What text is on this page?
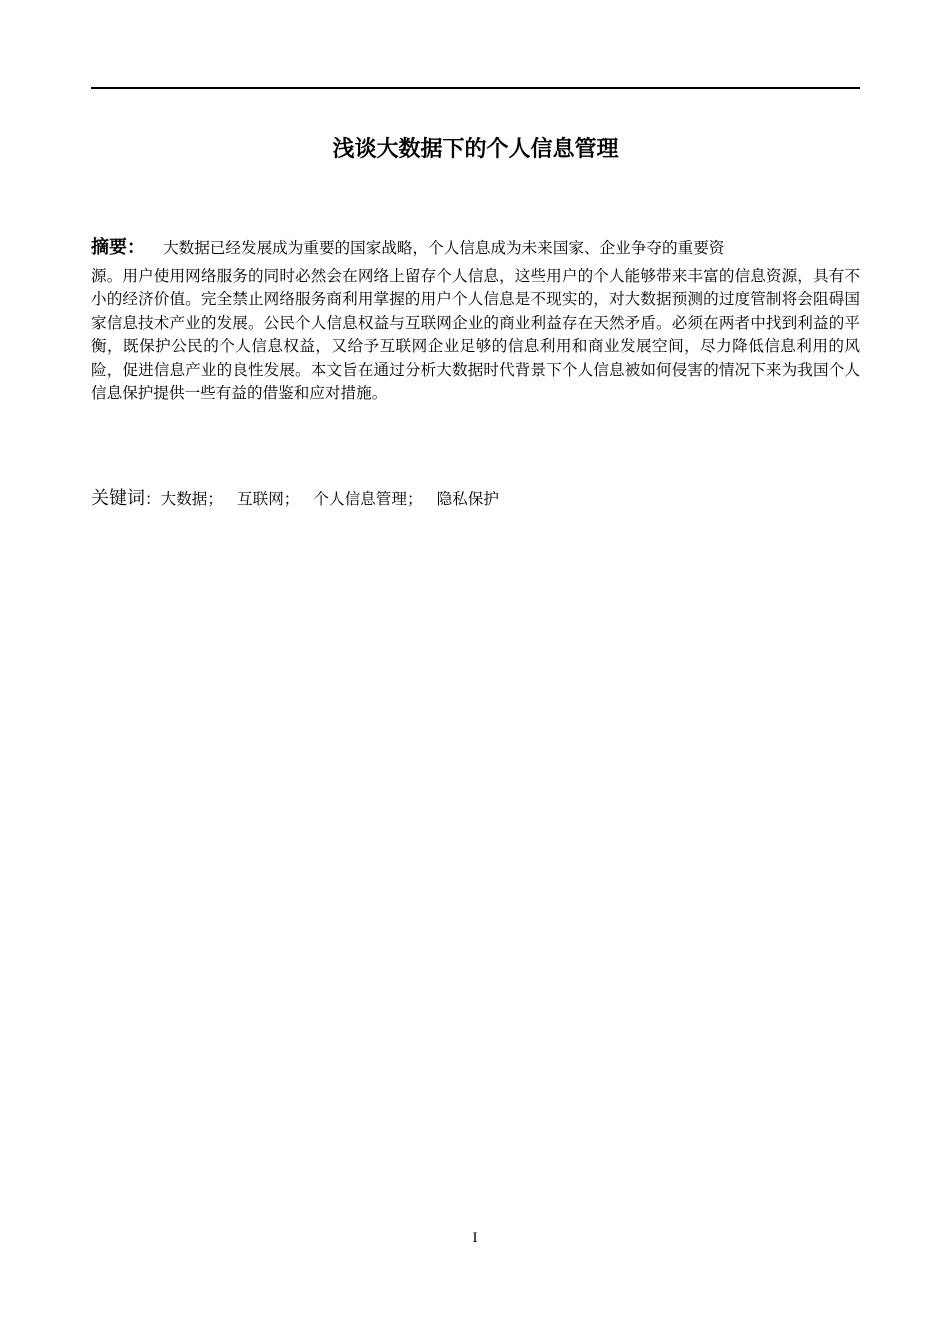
浅谈大数据下的个人信息管理
摘要： 大数据已经发展成为重要的国家战略，个人信息成为未来国家、企业争夺的重要资
源。用户使用网络服务的同时必然会在网络上留存个人信息，这些用户的个人能够带来丰富的信息资源，具有不小的经济价值。完全禁止网络服务商利用掌握的用户个人信息是不现实的，对大数据预测的过度管制将会阻碍国家信息技术产业的发展。公民个人信息权益与互联网企业的商业利益存在天然矛盾。必须在两者中找到利益的平衡，既保护公民的个人信息权益，又给予互联网企业足够的信息利用和商业发展空间，尽力降低信息利用的风险，促进信息产业的良性发展。本文旨在通过分析大数据时代背景下个人信息被如何侵害的情况下来为我国个人信息保护提供一些有益的借鉴和应对措施。
关键词：大数据； 互联网； 个人信息管理； 隐私保护
I
